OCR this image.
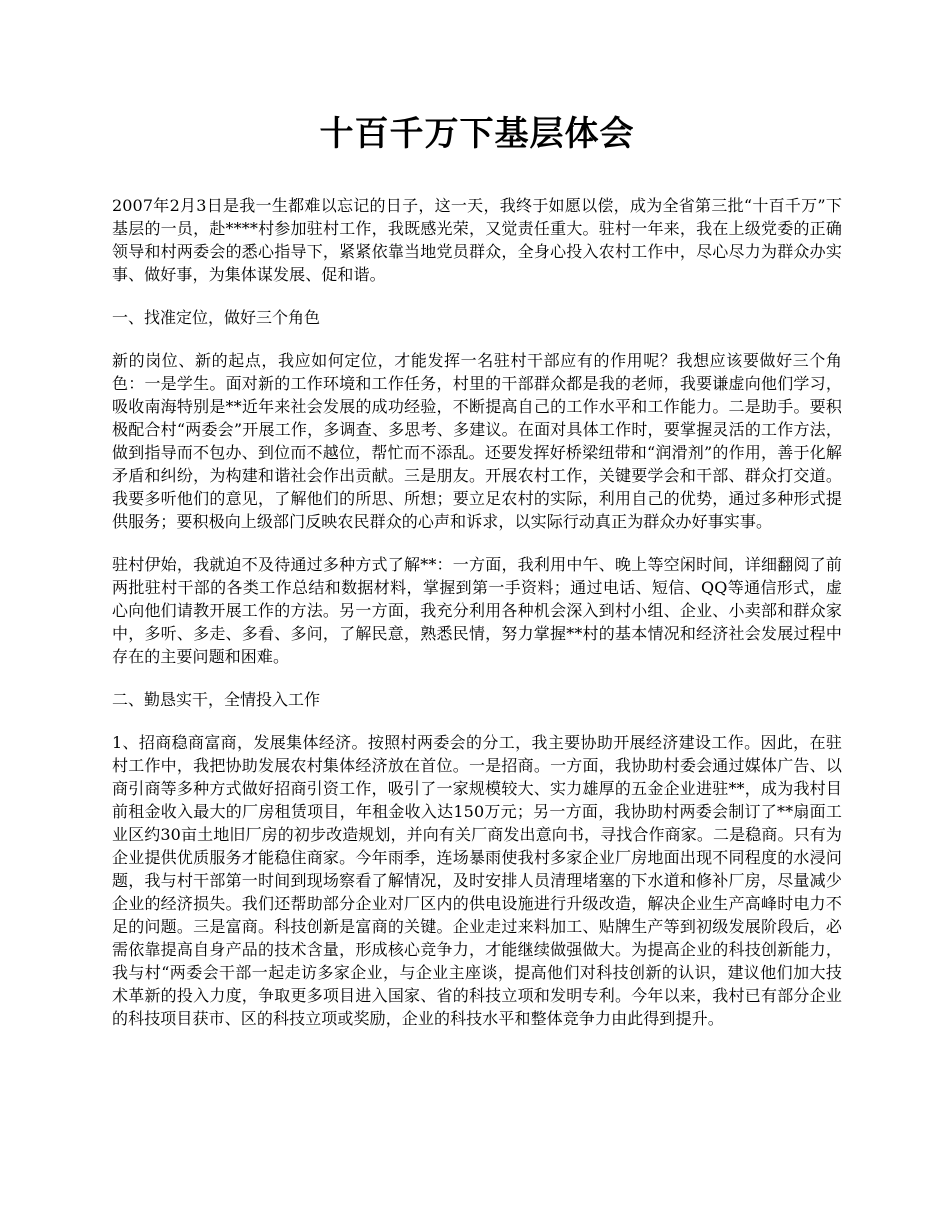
十百千万下基层体会

2007年2月3日是我一生都难以忘记的日子，这一天，我终于如愿以偿，成为全省第三批“十百千万”下基层的一员，赴****村参加驻村工作，我既感光荣，又觉责任重大。驻村一年来，我在上级党委的正确领导和村两委会的悉心指导下，紧紧依靠当地党员群众，全身心投入农村工作中，尽心尽力为群众办实事、做好事，为集体谋发展、促和谐。

一、找准定位，做好三个角色

新的岗位、新的起点，我应如何定位，才能发挥一名驻村干部应有的作用呢？我想应该要做好三个角色：一是学生。面对新的工作环境和工作任务，村里的干部群众都是我的老师，我要谦虚向他们学习，吸收南海特别是**近年来社会发展的成功经验，不断提高自己的工作水平和工作能力。二是助手。要积极配合村“两委会”开展工作，多调查、多思考、多建议。在面对具体工作时，要掌握灵活的工作方法，做到指导而不包办、到位而不越位，帮忙而不添乱。还要发挥好桥梁纽带和“润滑剂”的作用，善于化解矛盾和纠纷，为构建和谐社会作出贡献。三是朋友。开展农村工作，关键要学会和干部、群众打交道。我要多听他们的意见，了解他们的所思、所想；要立足农村的实际，利用自己的优势，通过多种形式提供服务；要积极向上级部门反映农民群众的心声和诉求，以实际行动真正为群众办好事实事。

驻村伊始，我就迫不及待通过多种方式了解**：一方面，我利用中午、晚上等空闲时间，详细翻阅了前两批驻村干部的各类工作总结和数据材料，掌握到第一手资料；通过电话、短信、QQ等通信形式，虚心向他们请教开展工作的方法。另一方面，我充分利用各种机会深入到村小组、企业、小卖部和群众家中，多听、多走、多看、多问，了解民意，熟悉民情，努力掌握**村的基本情况和经济社会发展过程中存在的主要问题和困难。

二、勤恳实干，全情投入工作

1、招商稳商富商，发展集体经济。按照村两委会的分工，我主要协助开展经济建设工作。因此，在驻村工作中，我把协助发展农村集体经济放在首位。一是招商。一方面，我协助村委会通过媒体广告、以商引商等多种方式做好招商引资工作，吸引了一家规模较大、实力雄厚的五金企业进驻**，成为我村目前租金收入最大的厂房租赁项目，年租金收入达150万元；另一方面，我协助村两委会制订了**扇面工业区约30亩土地旧厂房的初步改造规划，并向有关厂商发出意向书，寻找合作商家。二是稳商。只有为企业提供优质服务才能稳住商家。今年雨季，连场暴雨使我村多家企业厂房地面出现不同程度的水浸问题，我与村干部第一时间到现场察看了解情况，及时安排人员清理堵塞的下水道和修补厂房，尽量减少企业的经济损失。我们还帮助部分企业对厂区内的供电设施进行升级改造，解决企业生产高峰时电力不足的问题。三是富商。科技创新是富商的关键。企业走过来料加工、贴牌生产等到初级发展阶段后，必需依靠提高自身产品的技术含量，形成核心竞争力，才能继续做强做大。为提高企业的科技创新能力，我与村“两委会干部一起走访多家企业，与企业主座谈，提高他们对科技创新的认识，建议他们加大技术革新的投入力度，争取更多项目进入国家、省的科技立项和发明专利。今年以来，我村已有部分企业的科技项目获市、区的科技立项或奖励，企业的科技水平和整体竞争力由此得到提升。
